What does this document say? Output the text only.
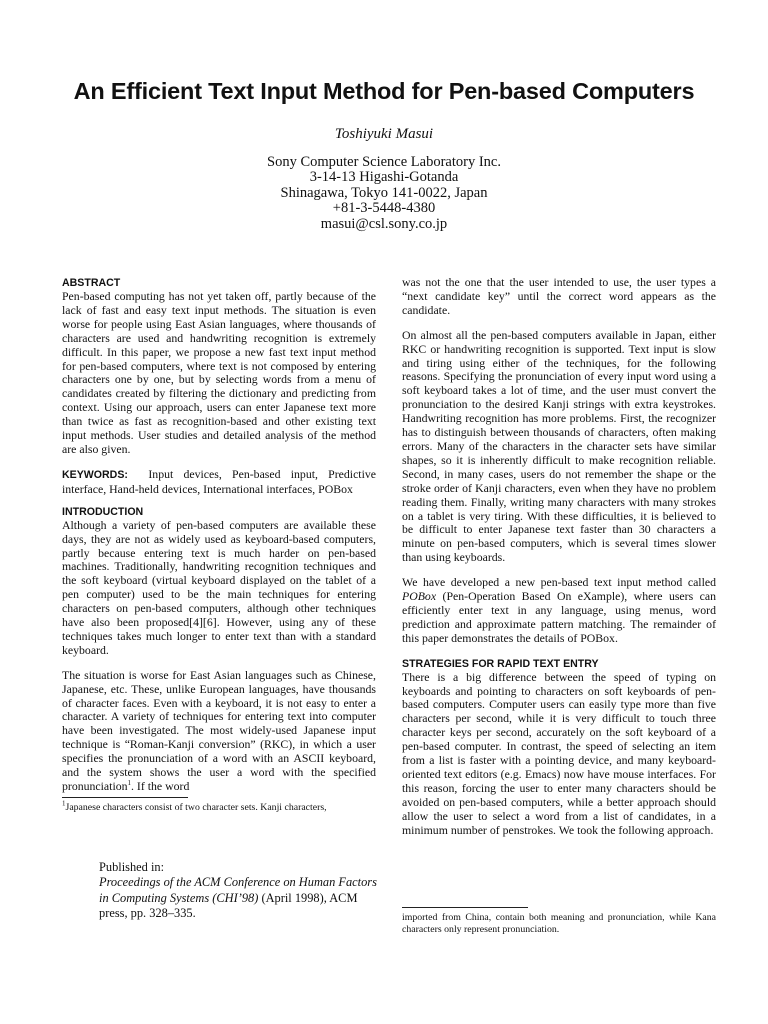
An Efficient Text Input Method for Pen-based Computers
Toshiyuki Masui
Sony Computer Science Laboratory Inc.
3-14-13 Higashi-Gotanda
Shinagawa, Tokyo 141-0022, Japan
+81-3-5448-4380
masui@csl.sony.co.jp
ABSTRACT

Pen-based computing has not yet taken off, partly because of the lack of fast and easy text input methods. The situation is even worse for people using East Asian languages, where thousands of characters are used and handwriting recognition is extremely difficult. In this paper, we propose a new fast text input method for pen-based computers, where text is not composed by entering characters one by one, but by selecting words from a menu of candidates created by filtering the dictionary and predicting from context. Using our approach, users can enter Japanese text more than twice as fast as recognition-based and other existing text input methods. User studies and detailed analysis of the method are also given.

KEYWORDS: Input devices, Pen-based input, Predictive interface, Hand-held devices, International interfaces, POBox

INTRODUCTION

Although a variety of pen-based computers are available these days, they are not as widely used as keyboard-based computers, partly because entering text is much harder on pen-based machines. Traditionally, handwriting recognition techniques and the soft keyboard (virtual keyboard displayed on the tablet of a pen computer) used to be the main techniques for entering characters on pen-based computers, although other techniques have also been proposed[4][6]. However, using any of these techniques takes much longer to enter text than with a standard keyboard.

The situation is worse for East Asian languages such as Chinese, Japanese, etc. These, unlike European languages, have thousands of character faces. Even with a keyboard, it is not easy to enter a character. A variety of techniques for entering text into computer have been investigated. The most widely-used Japanese input technique is “Roman-Kanji conversion” (RKC), in which a user specifies the pronunciation of a word with an ASCII keyboard, and the system shows the user a word with the specified pronunciation$^1$. If the word

$^1$Japanese characters consist of two character sets. Kanji characters,

Published in:
Proceedings of the ACM Conference on Human Factors in Computing Systems (CHI’98) (April 1998), ACM press, pp. 328–335.

was not the one that the user intended to use, the user types a “next candidate key” until the correct word appears as the candidate.

On almost all the pen-based computers available in Japan, either RKC or handwriting recognition is supported. Text input is slow and tiring using either of the techniques, for the following reasons. Specifying the pronunciation of every input word using a soft keyboard takes a lot of time, and the user must convert the pronunciation to the desired Kanji strings with extra keystrokes. Handwriting recognition has more problems. First, the recognizer has to distinguish between thousands of characters, often making errors. Many of the characters in the character sets have similar shapes, so it is inherently difficult to make recognition reliable. Second, in many cases, users do not remember the shape or the stroke order of Kanji characters, even when they have no problem reading them. Finally, writing many characters with many strokes on a tablet is very tiring. With these difficulties, it is believed to be difficult to enter Japanese text faster than 30 characters a minute on pen-based computers, which is several times slower than using keyboards.

We have developed a new pen-based text input method called POBox (Pen-Operation Based On eXample), where users can efficiently enter text in any language, using menus, word prediction and approximate pattern matching. The remainder of this paper demonstrates the details of POBox.

STRATEGIES FOR RAPID TEXT ENTRY

There is a big difference between the speed of typing on keyboards and pointing to characters on soft keyboards of pen-based computers. Computer users can easily type more than five characters per second, while it is very difficult to touch three character keys per second, accurately on the soft keyboard of a pen-based computer. In contrast, the speed of selecting an item from a list is faster with a pointing device, and many keyboard-oriented text editors (e.g. Emacs) now have mouse interfaces. For this reason, forcing the user to enter many characters should be avoided on pen-based computers, while a better approach should allow the user to select a word from a list of candidates, in a minimum number of penstrokes. We took the following approach.

imported from China, contain both meaning and pronunciation, while Kana characters only represent pronunciation.
